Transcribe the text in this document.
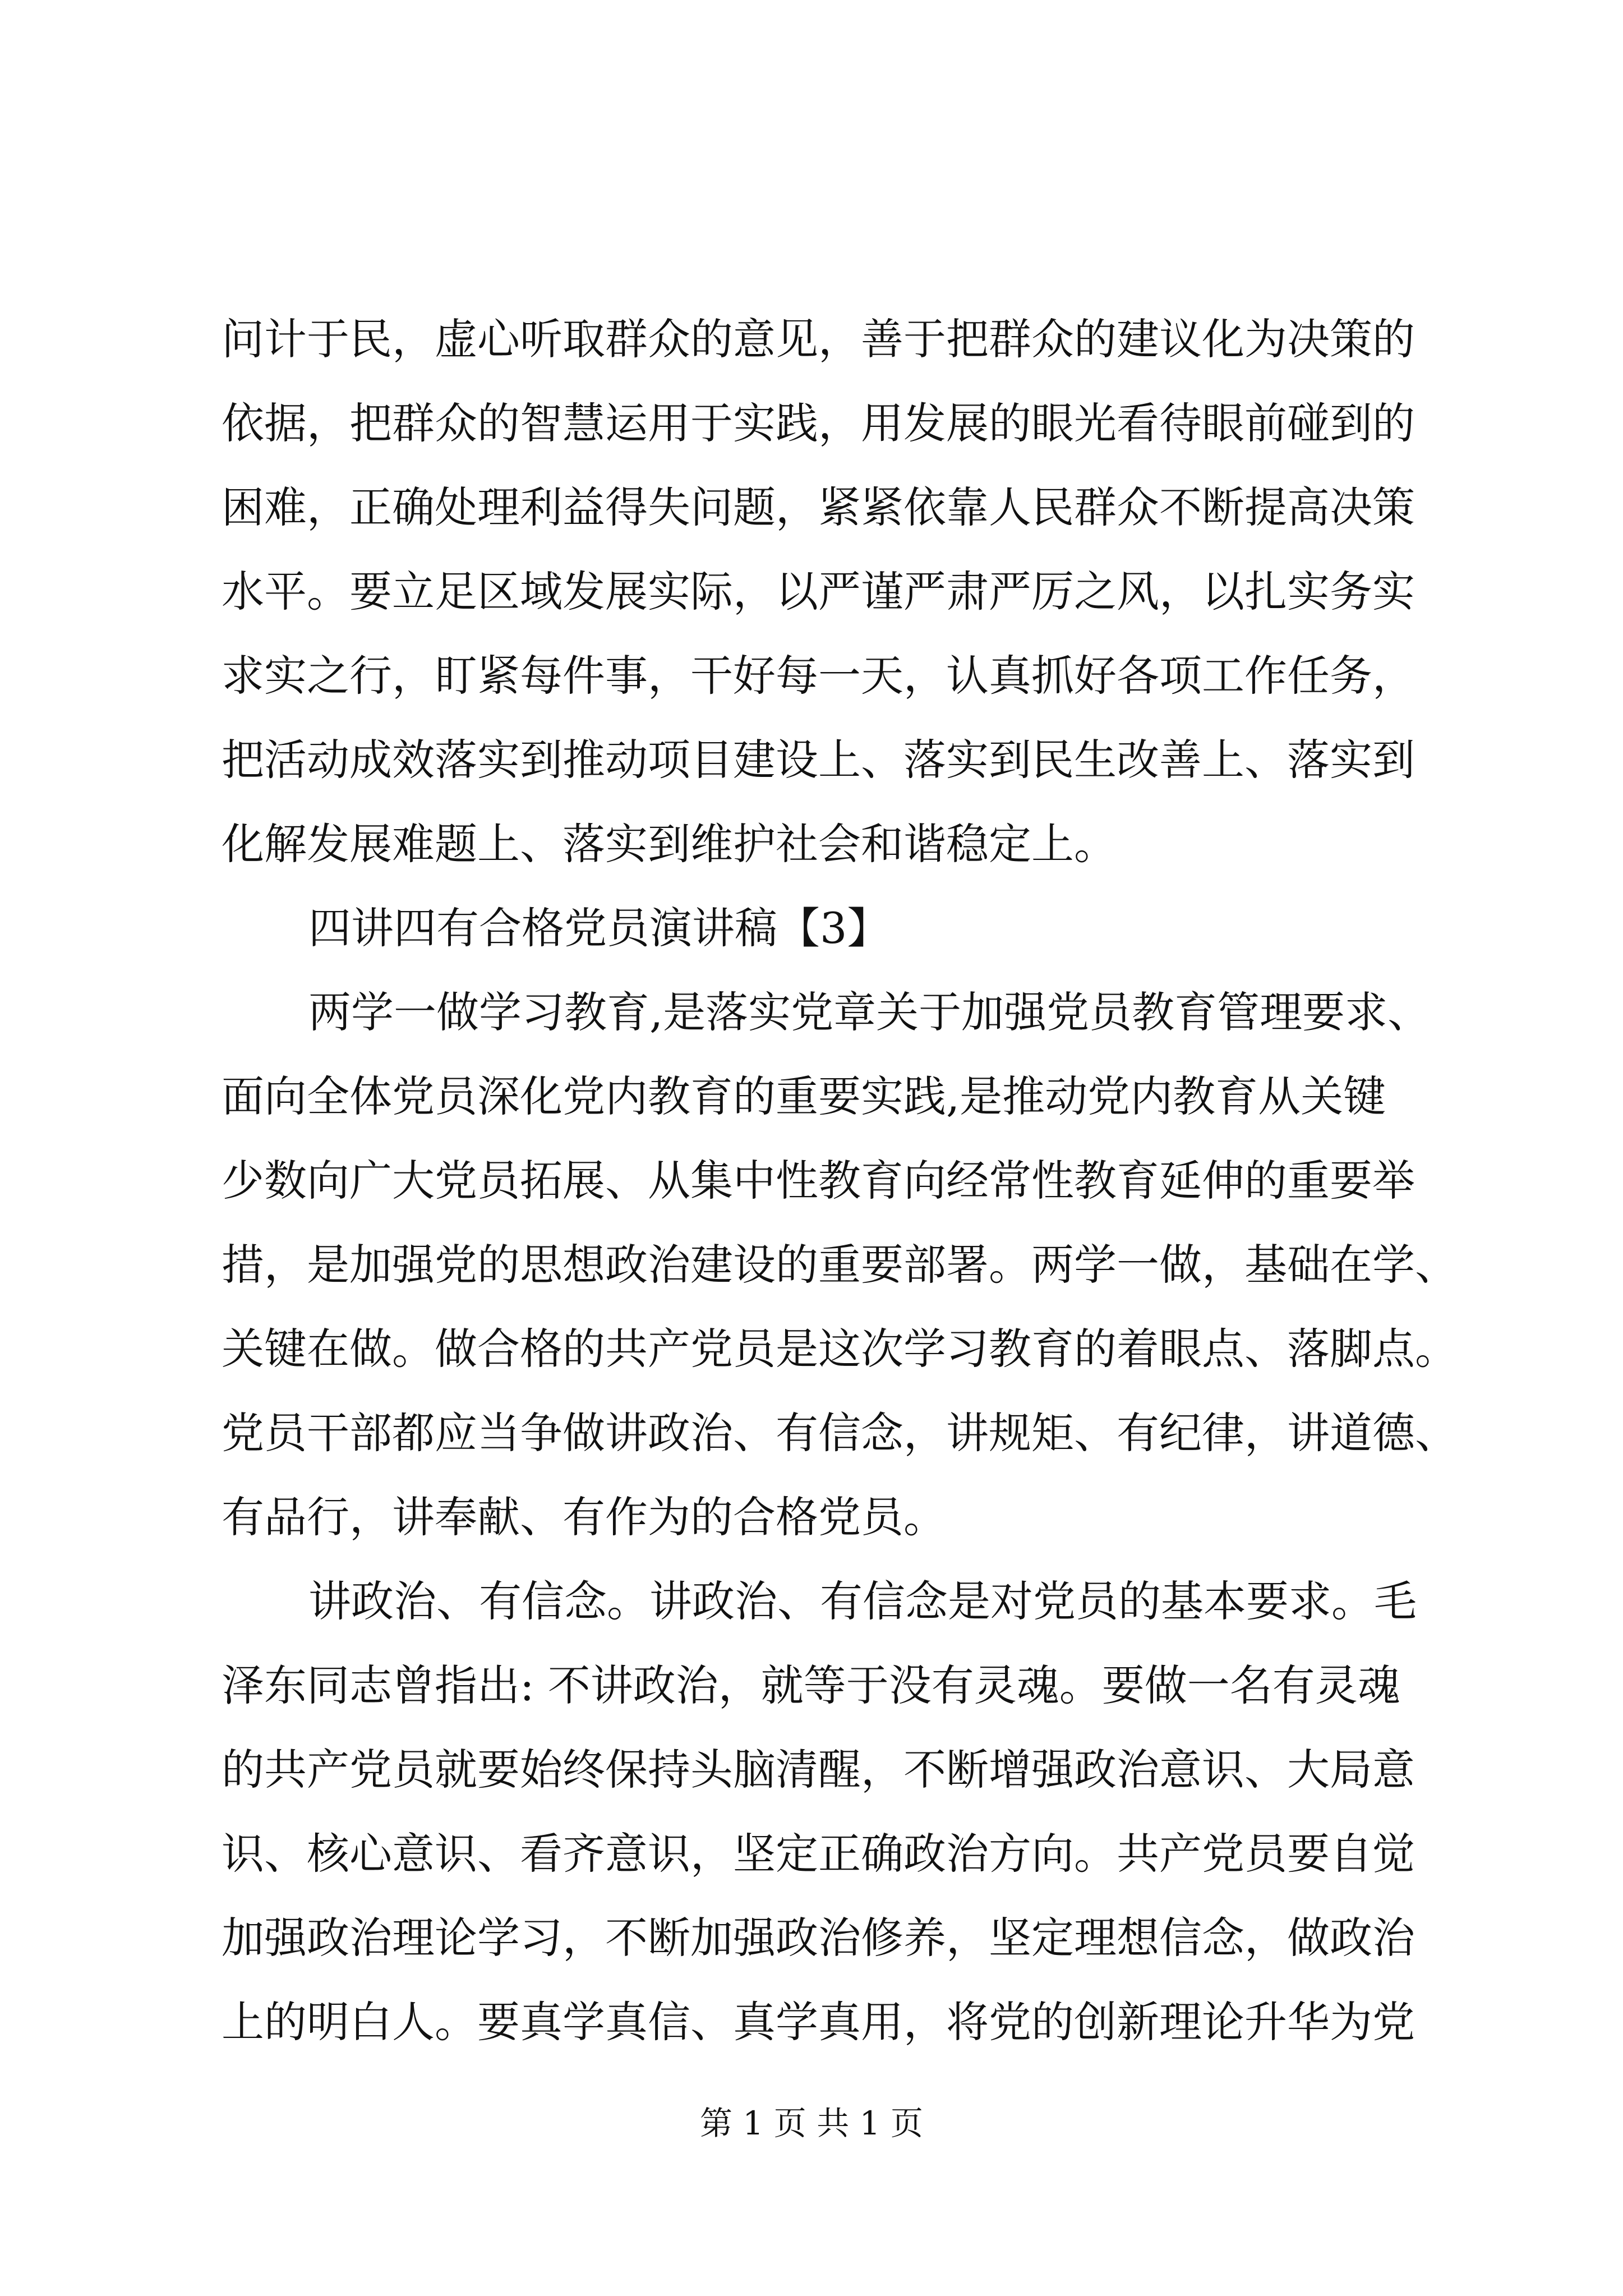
问计于民，虚心听取群众的意见，善于把群众的建议化为决策的
依据，把群众的智慧运用于实践，用发展的眼光看待眼前碰到的
困难，正确处理利益得失问题，紧紧依靠人民群众不断提高决策
水平。要立足区域发展实际，以严谨严肃严厉之风，以扎实务实
求实之行，盯紧每件事，干好每一天，认真抓好各项工作任务，
把活动成效落实到推动项目建设上、落实到民生改善上、落实到
化解发展难题上、落实到维护社会和谐稳定上。
四讲四有合格党员演讲稿【3】
两学一做学习教育,是落实党章关于加强党员教育管理要求、
面向全体党员深化党内教育的重要实践,是推动党内教育从关键
少数向广大党员拓展、从集中性教育向经常性教育延伸的重要举
措，是加强党的思想政治建设的重要部署。两学一做，基础在学、
关键在做。做合格的共产党员是这次学习教育的着眼点、落脚点。
党员干部都应当争做讲政治、有信念，讲规矩、有纪律，讲道德、
有品行，讲奉献、有作为的合格党员。
讲政治、有信念。讲政治、有信念是对党员的基本要求。毛
泽东同志曾指出: 不讲政治，就等于没有灵魂。要做一名有灵魂
的共产党员就要始终保持头脑清醒，不断增强政治意识、大局意
识、核心意识、看齐意识，坚定正确政治方向。共产党员要自觉
加强政治理论学习，不断加强政治修养，坚定理想信念，做政治
上的明白人。要真学真信、真学真用，将党的创新理论升华为党
第 1 页 共 1 页
